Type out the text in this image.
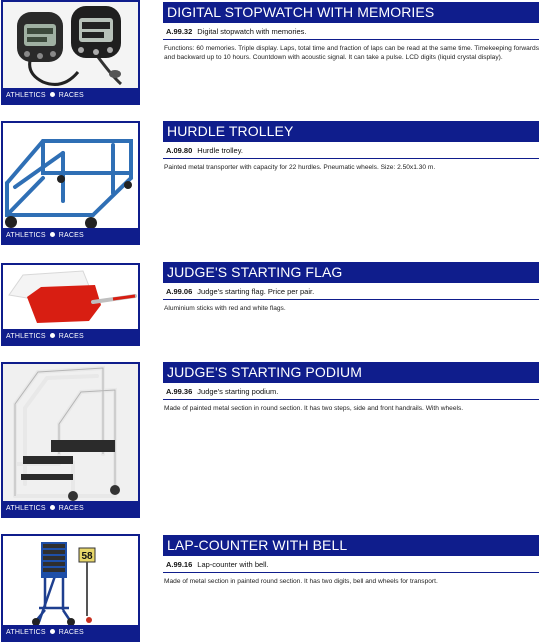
ATHLETICS RACES
DIGITAL STOPWATCH WITH MEMORIES
A.99.32 Digital stopwatch with memories.
Functions: 60 memories. Triple display. Laps, total time and fraction of laps can be read at the same time. Timekeeping forwards and backward up to 10 hours. Countdown with acoustic signal. It can take a pulse. LCD digits (liquid crystal display).
ATHLETICS RACES
HURDLE TROLLEY
A.09.80 Hurdle trolley.
Painted metal transporter with capacity for 22 hurdles. Pneumatic wheels. Size: 2.50x1.30 m.
ATHLETICS RACES
JUDGE'S STARTING FLAG
A.99.06 Judge's starting flag. Price per pair.
Aluminium sticks with red and white flags.
ATHLETICS RACES
JUDGE'S STARTING PODIUM
A.99.36 Judge's starting podium.
Made of painted metal section in round section. It has two steps, side and front handrails. With wheels.
58
ATHLETICS RACES
LAP-COUNTER WITH BELL
A.99.16 Lap-counter with bell.
Made of metal section in painted round section. It has two digits, bell and wheels for transport.
